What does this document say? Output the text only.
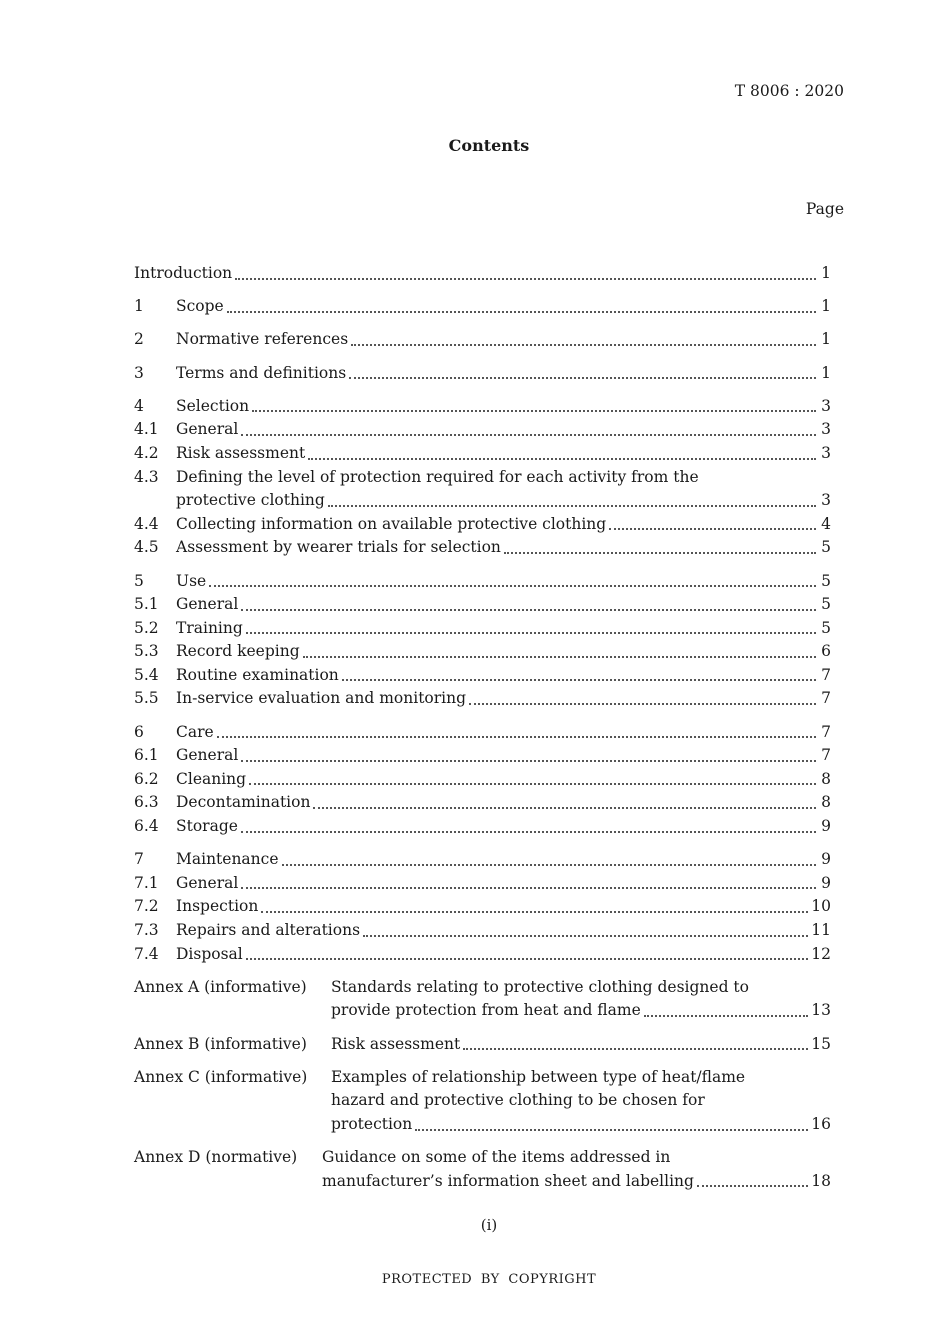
T 8006 : 2020
Contents
Page
Introduction	1
1	Scope	1
2	Normative references	1
3	Terms and definitions	1
4	Selection	3
4.1	General	3
4.2	Risk assessment	3
4.3	Defining the level of protection required for each activity from the
protective clothing	3
4.4	Collecting information on available protective clothing	4
4.5	Assessment by wearer trials for selection	5
5	Use	5
5.1	General	5
5.2	Training	5
5.3	Record keeping	6
5.4	Routine examination	7
5.5	In-service evaluation and monitoring	7
6	Care	7
6.1	General	7
6.2	Cleaning	8
6.3	Decontamination	8
6.4	Storage	9
7	Maintenance	9
7.1	General	9
7.2	Inspection	10
7.3	Repairs and alterations	11
7.4	Disposal	12
Annex A (informative)	Standards relating to protective clothing designed to
provide protection from heat and flame	13
Annex B (informative)	Risk assessment	15
Annex C (informative)	Examples of relationship between type of heat/flame
hazard and protective clothing to be chosen for
protection	16
Annex D (normative)	Guidance on some of the items addressed in
manufacturer’s information sheet and labelling	18
(i)
PROTECTED BY COPYRIGHT
